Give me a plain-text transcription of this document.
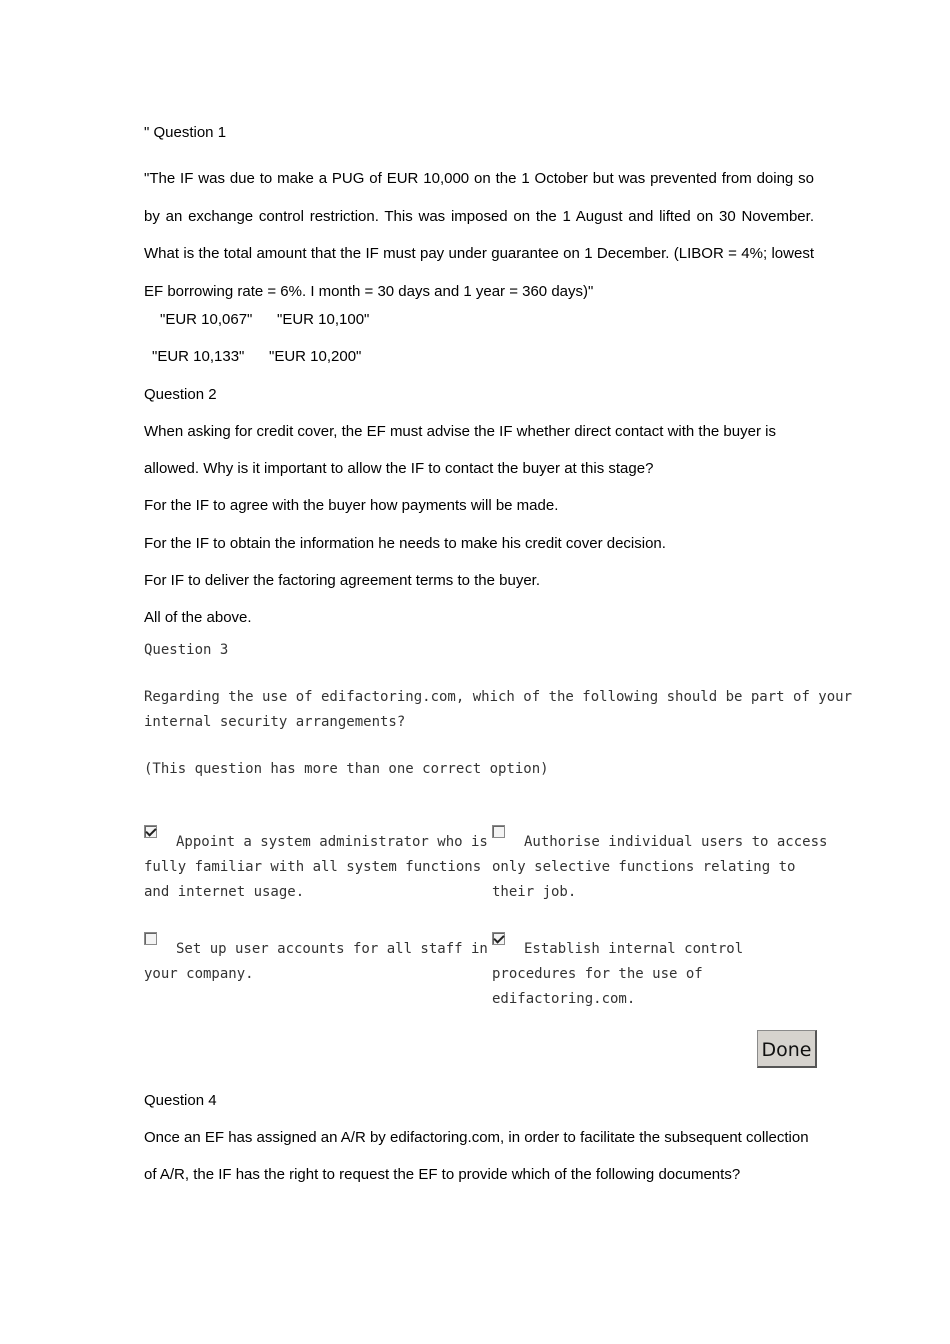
" Question 1

"The IF was due to make a PUG of EUR 10,000 on the 1 October but was prevented from doing so by an exchange control restriction. This was imposed on the 1 August and lifted on 30 November. What is the total amount that the IF must pay under guarantee on 1 December. (LIBOR = 4%; lowest EF borrowing rate = 6%. I month = 30 days and 1 year = 360 days)"

"EUR 10,067" "EUR 10,100"
"EUR 10,133" "EUR 10,200"
Question 2
When asking for credit cover, the EF must advise the IF whether direct contact with the buyer is
allowed. Why is it important to allow the IF to contact the buyer at this stage?
For the IF to agree with the buyer how payments will be made.
For the IF to obtain the information he needs to make his credit cover decision.
For IF to deliver the factoring agreement terms to the buyer.
All of the above.
Question 3
Regarding the use of edifactoring.com, which of the following should be part of your
internal security arrangements?
(This question has more than one correct option)
Appoint a system administrator who is
fully familiar with all system functions
and internet usage.
Authorise individual users to access
only selective functions relating to
their job.
Set up user accounts for all staff in
your company.
Establish internal control
procedures for the use of
edifactoring.com.
Done
Question 4
Once an EF has assigned an A/R by edifactoring.com, in order to facilitate the subsequent collection
of A/R, the IF has the right to request the EF to provide which of the following documents?
